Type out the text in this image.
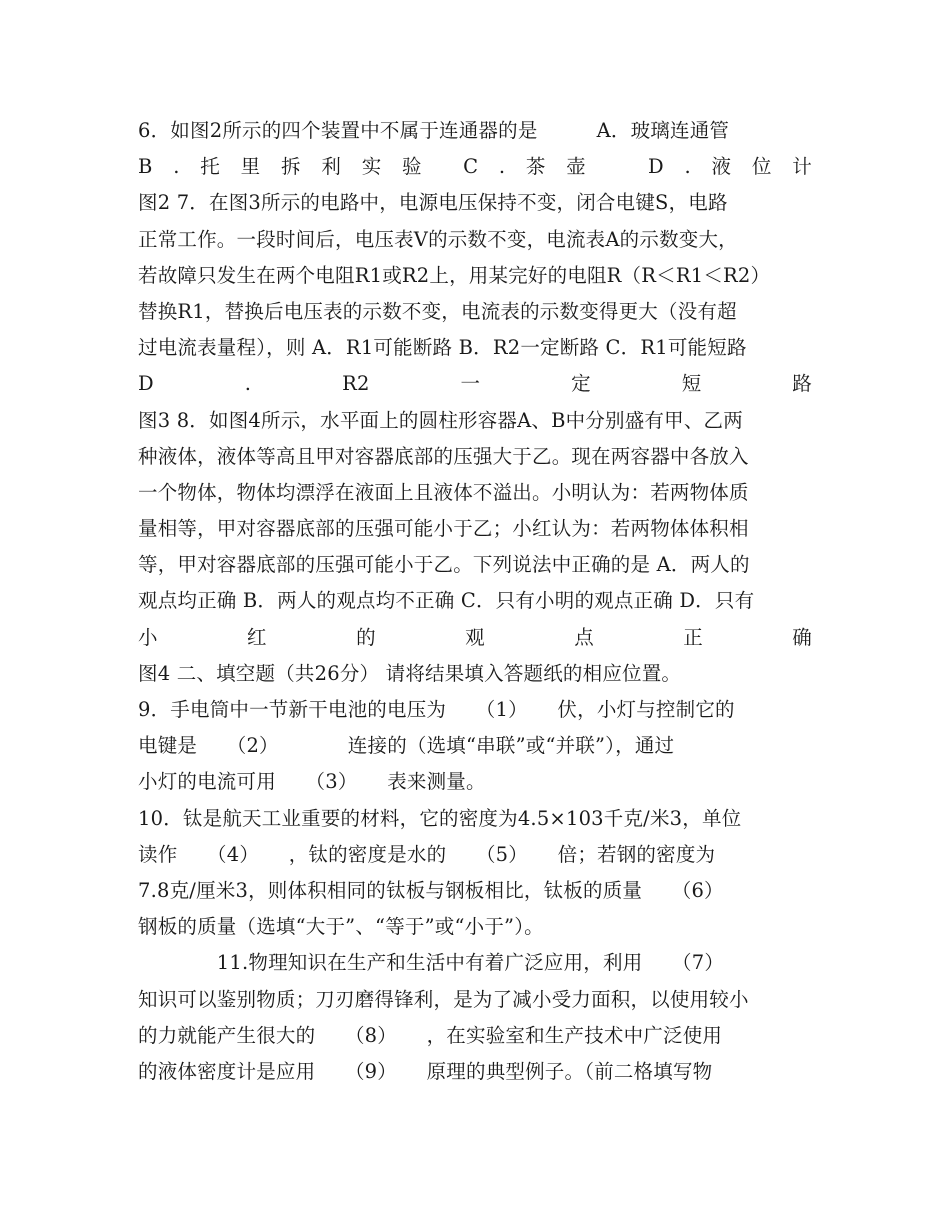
6．如图2所示的四个装置中不属于连通器的是　　　A．玻璃连通管
B . 托 里 拆 利 实 验 C . 茶 壶	D . 液 位 计
图2 7．在图3所示的电路中，电源电压保持不变，闭合电键S，电路
正常工作。一段时间后，电压表V的示数不变，电流表A的示数变大，
若故障只发生在两个电阻R1或R2上，用某完好的电阻R（R＜R1＜R2）
替换R1，替换后电压表的示数不变，电流表的示数变得更大（没有超
过电流表量程），则 A．R1可能断路 B．R2一定断路 C．R1可能短路
D	.	R2	一	定	短	路
图3 8．如图4所示，水平面上的圆柱形容器A、B中分别盛有甲、乙两
种液体，液体等高且甲对容器底部的压强大于乙。现在两容器中各放入
一个物体，物体均漂浮在液面上且液体不溢出。小明认为：若两物体质
量相等，甲对容器底部的压强可能小于乙；小红认为：若两物体体积相
等，甲对容器底部的压强可能小于乙。下列说法中正确的是 A．两人的
观点均正确 B．两人的观点均不正确 C．只有小明的观点正确 D．只有
小	红	的	观	点	正	确
图4 二、填空题（共26分） 请将结果填入答题纸的相应位置。
9．手电筒中一节新干电池的电压为　　（1）　　伏，小灯与控制它的
电键是　　（2）　　　　连接的（选填“串联”或“并联”），通过
小灯的电流可用　　（3）　　表来测量。
10．钛是航天工业重要的材料，它的密度为4.5×103千克/米3，单位
读作　　（4）　　，钛的密度是水的　　（5）　　倍；若钢的密度为
7.8克/厘米3，则体积相同的钛板与钢板相比，钛板的质量　　（6）
钢板的质量（选填“大于”、“等于”或“小于”）。
　　　　11.物理知识在生产和生活中有着广泛应用，利用　　（7）
知识可以鉴别物质；刀刃磨得锋利，是为了减小受力面积，以使用较小
的力就能产生很大的　　（8）　　，在实验室和生产技术中广泛使用
的液体密度计是应用　　（9）　　原理的典型例子。（前二格填写物
